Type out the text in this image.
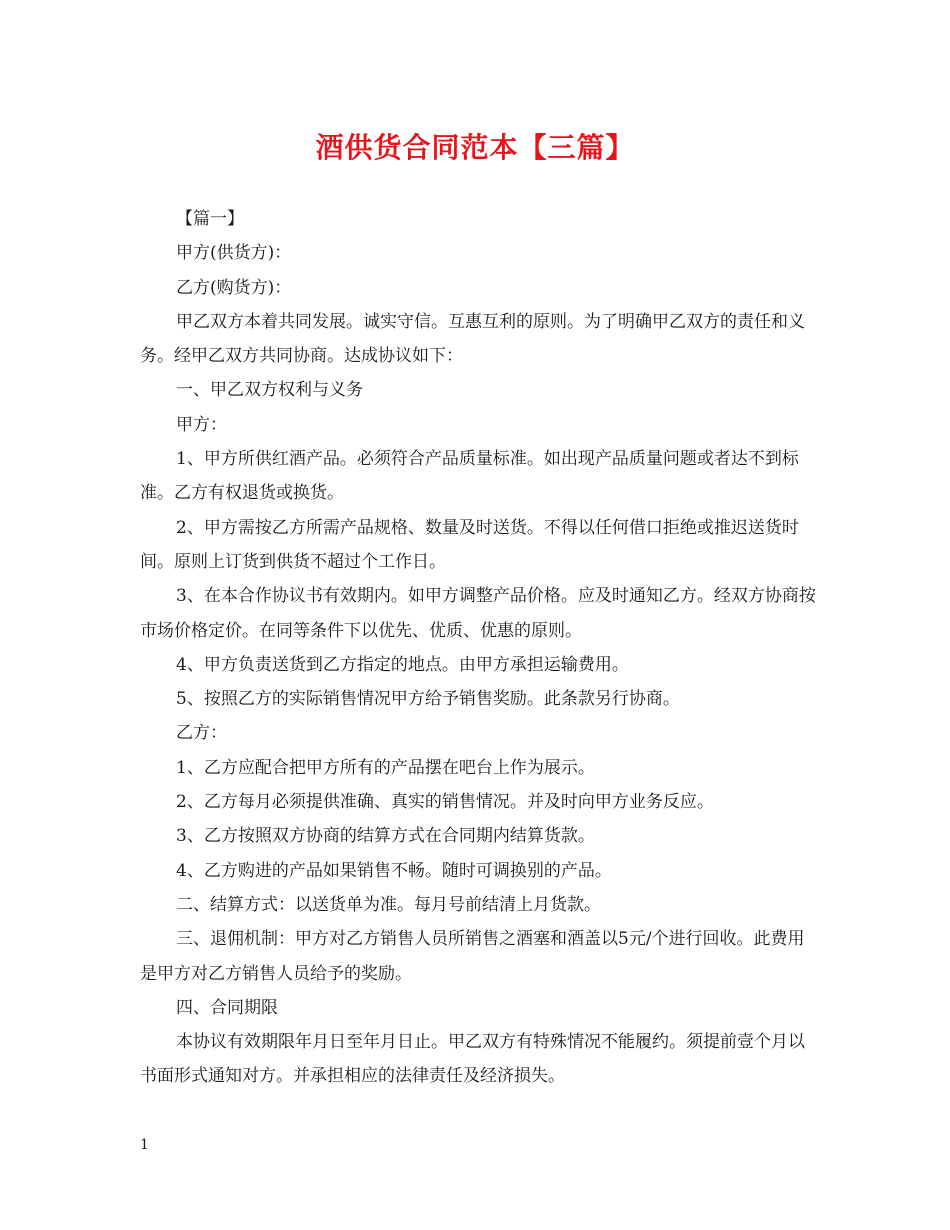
酒供货合同范本【三篇】

【篇一】

甲方(供货方)：

乙方(购货方)：

甲乙双方本着共同发展。诚实守信。互惠互利的原则。为了明确甲乙双方的责任和义务。经甲乙双方共同协商。达成协议如下：

一、甲乙双方权利与义务

甲方：

1、甲方所供红酒产品。必须符合产品质量标准。如出现产品质量问题或者达不到标准。乙方有权退货或换货。

2、甲方需按乙方所需产品规格、数量及时送货。不得以任何借口拒绝或推迟送货时间。原则上订货到供货不超过个工作日。

3、在本合作协议书有效期内。如甲方调整产品价格。应及时通知乙方。经双方协商按市场价格定价。在同等条件下以优先、优质、优惠的原则。

4、甲方负责送货到乙方指定的地点。由甲方承担运输费用。

5、按照乙方的实际销售情况甲方给予销售奖励。此条款另行协商。

乙方：

1、乙方应配合把甲方所有的产品摆在吧台上作为展示。

2、乙方每月必须提供准确、真实的销售情况。并及时向甲方业务反应。

3、乙方按照双方协商的结算方式在合同期内结算货款。

4、乙方购进的产品如果销售不畅。随时可调换别的产品。

二、结算方式：以送货单为准。每月号前结清上月货款。

三、退佣机制：甲方对乙方销售人员所销售之酒塞和酒盖以5元/个进行回收。此费用是甲方对乙方销售人员给予的奖励。

四、合同期限

本协议有效期限年月日至年月日止。甲乙双方有特殊情况不能履约。须提前壹个月以书面形式通知对方。并承担相应的法律责任及经济损失。

1
